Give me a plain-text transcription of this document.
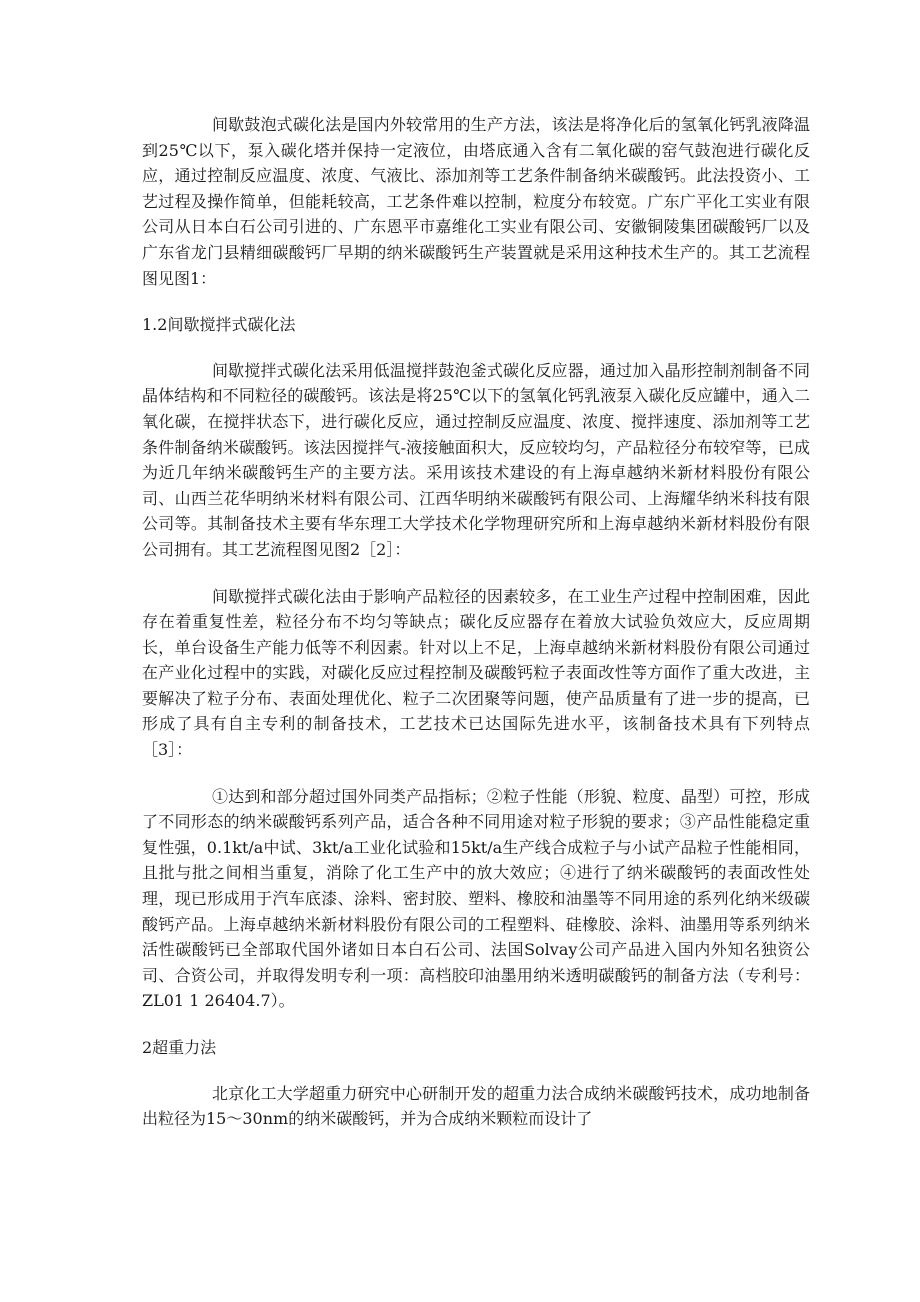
间歇鼓泡式碳化法是国内外较常用的生产方法，该法是将净化后的氢氧化钙乳液降温到25℃以下，泵入碳化塔并保持一定液位，由塔底通入含有二氧化碳的窑气鼓泡进行碳化反应，通过控制反应温度、浓度、气液比、添加剂等工艺条件制备纳米碳酸钙。此法投资小、工艺过程及操作简单，但能耗较高，工艺条件难以控制，粒度分布较宽。广东广平化工实业有限公司从日本白石公司引进的、广东恩平市嘉维化工实业有限公司、安徽铜陵集团碳酸钙厂以及广东省龙门县精细碳酸钙厂早期的纳米碳酸钙生产装置就是采用这种技术生产的。其工艺流程图见图1：

1.2间歇搅拌式碳化法

间歇搅拌式碳化法采用低温搅拌鼓泡釜式碳化反应器，通过加入晶形控制剂制备不同晶体结构和不同粒径的碳酸钙。该法是将25℃以下的氢氧化钙乳液泵入碳化反应罐中，通入二氧化碳，在搅拌状态下，进行碳化反应，通过控制反应温度、浓度、搅拌速度、添加剂等工艺条件制备纳米碳酸钙。该法因搅拌气-液接触面积大，反应较均匀，产品粒径分布较窄等，已成为近几年纳米碳酸钙生产的主要方法。采用该技术建设的有上海卓越纳米新材料股份有限公司、山西兰花华明纳米材料有限公司、江西华明纳米碳酸钙有限公司、上海耀华纳米科技有限公司等。其制备技术主要有华东理工大学技术化学物理研究所和上海卓越纳米新材料股份有限公司拥有。其工艺流程图见图2［2］：

间歇搅拌式碳化法由于影响产品粒径的因素较多，在工业生产过程中控制困难，因此存在着重复性差，粒径分布不均匀等缺点；碳化反应器存在着放大试验负效应大，反应周期长，单台设备生产能力低等不利因素。针对以上不足，上海卓越纳米新材料股份有限公司通过在产业化过程中的实践，对碳化反应过程控制及碳酸钙粒子表面改性等方面作了重大改进，主要解决了粒子分布、表面处理优化、粒子二次团聚等问题，使产品质量有了进一步的提高，已形成了具有自主专利的制备技术，工艺技术已达国际先进水平，该制备技术具有下列特点［3］：

①达到和部分超过国外同类产品指标；②粒子性能（形貌、粒度、晶型）可控，形成了不同形态的纳米碳酸钙系列产品，适合各种不同用途对粒子形貌的要求；③产品性能稳定重复性强，0.1kt/a中试、3kt/a工业化试验和15kt/a生产线合成粒子与小试产品粒子性能相同，且批与批之间相当重复，消除了化工生产中的放大效应；④进行了纳米碳酸钙的表面改性处理，现已形成用于汽车底漆、涂料、密封胶、塑料、橡胶和油墨等不同用途的系列化纳米级碳酸钙产品。上海卓越纳米新材料股份有限公司的工程塑料、硅橡胶、涂料、油墨用等系列纳米活性碳酸钙已全部取代国外诸如日本白石公司、法国Solvay公司产品进入国内外知名独资公司、合资公司，并取得发明专利一项：高档胶印油墨用纳米透明碳酸钙的制备方法（专利号：ZL01 1 26404.7）。

2超重力法

北京化工大学超重力研究中心研制开发的超重力法合成纳米碳酸钙技术，成功地制备出粒径为15～30nm的纳米碳酸钙，并为合成纳米颗粒而设计了
